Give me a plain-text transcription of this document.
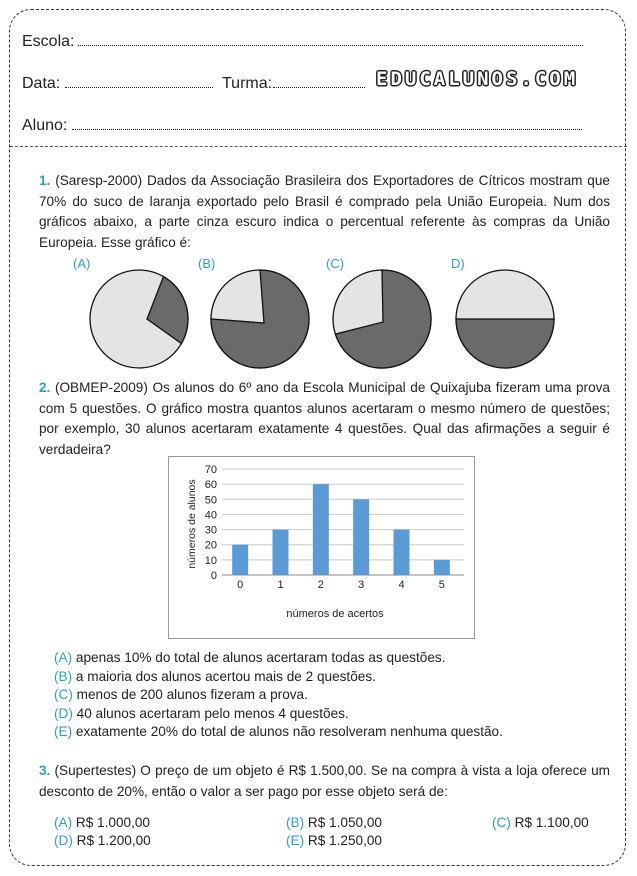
Escola:
Data:	Turma:	EDUCALUNOS.COM
Aluno:
1. (Saresp-2000) Dados da Associação Brasileira dos Exportadores de Cítricos mostram que 70% do suco de laranja exportado pelo Brasil é comprado pela União Europeia. Num dos gráficos abaixo, a parte cinza escuro indica o percentual referente às compras da União Europeia. Esse gráfico é:
(A)	(B)	(C)	D)
2. (OBMEP-2009) Os alunos do 6º ano da Escola Municipal de Quixajuba fizeram uma prova com 5 questões. O gráfico mostra quantos alunos acertaram o mesmo número de questões; por exemplo, 30 alunos acertaram exatamente 4 questões. Qual das afirmações a seguir é verdadeira?
0
10
20
30
40
50
60
70
0	1	2	3	4	5
números de acertos
números de alunos
(A) apenas 10% do total de alunos acertaram todas as questões.
(B) a maioria dos alunos acertou mais de 2 questões.
(C) menos de 200 alunos fizeram a prova.
(D) 40 alunos acertaram pelo menos 4 questões.
(E) exatamente 20% do total de alunos não resolveram nenhuma questão.
3. (Supertestes) O preço de um objeto é R$ 1.500,00. Se na compra à vista a loja oferece um desconto de 20%, então o valor a ser pago por esse objeto será de:
(A) R$ 1.000,00	(B) R$ 1.050,00	(C) R$ 1.100,00
(D) R$ 1.200,00	(E) R$ 1.250,00
